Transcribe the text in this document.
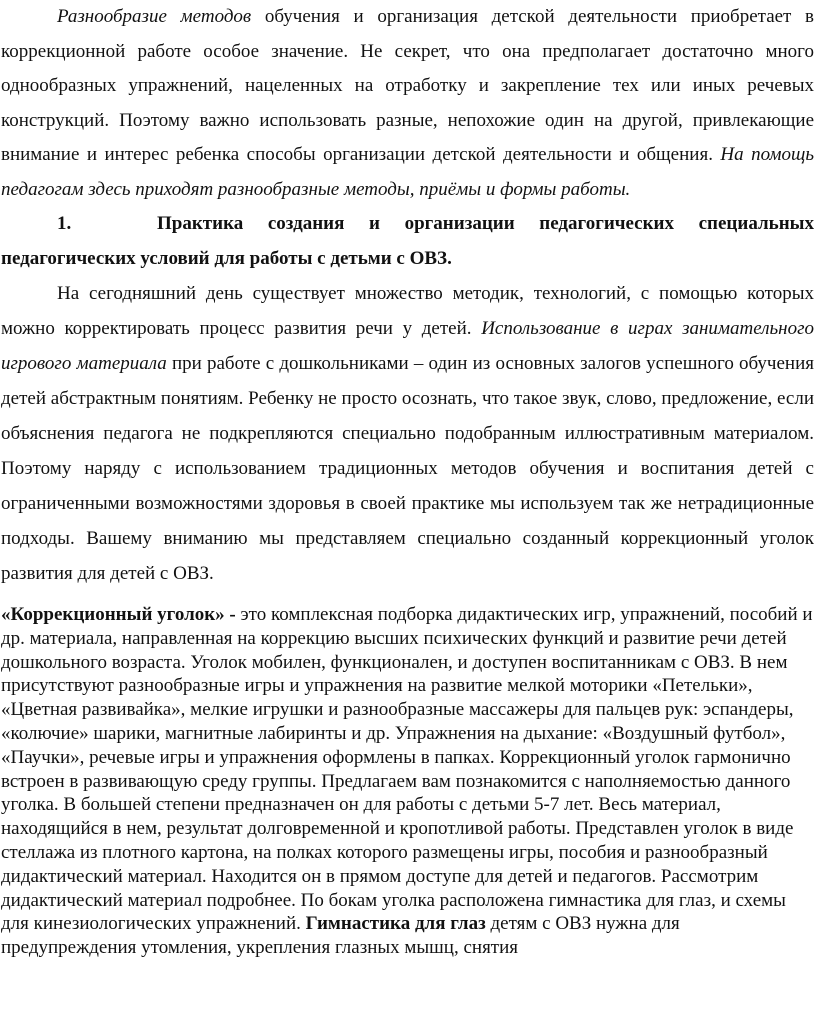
Разнообразие методов обучения и организация детской деятельности приобретает в коррекционной работе особое значение. Не секрет, что она предполагает достаточно много однообразных упражнений, нацеленных на отработку и закрепление тех или иных речевых конструкций. Поэтому важно использовать разные, непохожие один на другой, привлекающие внимание и интерес ребенка способы организации детской деятельности и общения. На помощь педагогам здесь приходят разнообразные методы, приёмы и формы работы.

1.	Практика создания и организации педагогических специальных педагогических условий для работы с детьми с ОВЗ.

На сегодняшний день существует множество методик, технологий, с помощью которых можно корректировать процесс развития речи у детей. Использование в играх занимательного игрового материала при работе с дошкольниками – один из основных залогов успешного обучения детей абстрактным понятиям. Ребенку не просто осознать, что такое звук, слово, предложение, если объяснения педагога не подкрепляются специально подобранным иллюстративным материалом. Поэтому наряду с использованием традиционных методов обучения и воспитания детей с ограниченными возможностями здоровья в своей практике мы используем так же нетрадиционные подходы. Вашему вниманию мы представляем специально созданный коррекционный уголок развития для детей с ОВЗ.

«Коррекционный уголок» - это комплексная подборка дидактических игр, упражнений, пособий и др. материала, направленная на коррекцию высших психических функций и развитие речи детей дошкольного возраста. Уголок мобилен, функционален, и доступен воспитанникам с ОВЗ. В нем присутствуют разнообразные игры и упражнения на развитие мелкой моторики «Петельки», «Цветная развивайка», мелкие игрушки и разнообразные массажеры для пальцев рук: эспандеры, «колючие» шарики, магнитные лабиринты и др. Упражнения на дыхание: «Воздушный футбол», «Паучки», речевые игры и упражнения оформлены в папках. Коррекционный уголок гармонично встроен в развивающую среду группы. Предлагаем вам познакомится с наполняемостью данного уголка. В большей степени предназначен он для работы с детьми 5-7 лет. Весь материал, находящийся в нем, результат долговременной и кропотливой работы. Представлен уголок в виде стеллажа из плотного картона, на полках которого размещены игры, пособия и разнообразный дидактический материал. Находится он в прямом доступе для детей и педагогов. Рассмотрим дидактический материал подробнее. По бокам уголка расположена гимнастика для глаз, и схемы для кинезиологических упражнений. Гимнастика для глаз детям с ОВЗ нужна для предупреждения утомления, укрепления глазных мышц, снятия
